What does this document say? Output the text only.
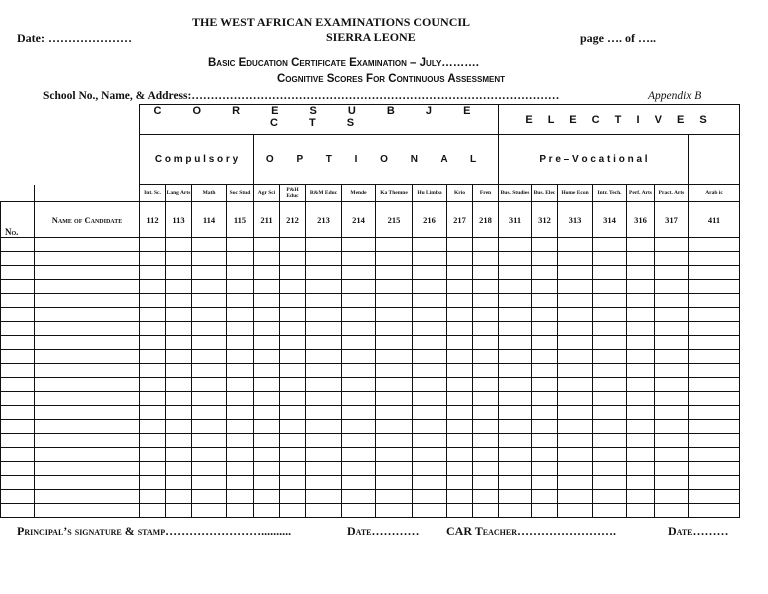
THE WEST AFRICAN EXAMINATIONS COUNCIL
SIERRA LEONE
Date: …………………	page …. of …..
Basic Education Certificate Examination – July……….
Cognitive Scores For Continuous Assessment
School No., Name, & Address:……………………………………………………………………………………	Appendix B
		C O R E S U B J E C T S												E L E C T I V E S						
		C o m p u l s o r y				O P T I O N A L								P r e – V o c a t i o n a l						
		Int. Sc.	Lang Arts	Math	Soc Stud	Agr Sci	P&H Educ	R&M Educ	Mende	Ka Themne	Hu Limba	Krio	Fren	Bus. Studies	Bus. Elec	Home Econ	Intr. Tech.	Perf. Arts	Pract. Arts	Arab ic
No.	Name of Candidate	112	113	114	115	211	212	213	214	215	216	217	218	311	312	313	314	316	317	411

Principal’s signature & stamp……………………..........	Date………… CAR Teacher…………………….	Date………
